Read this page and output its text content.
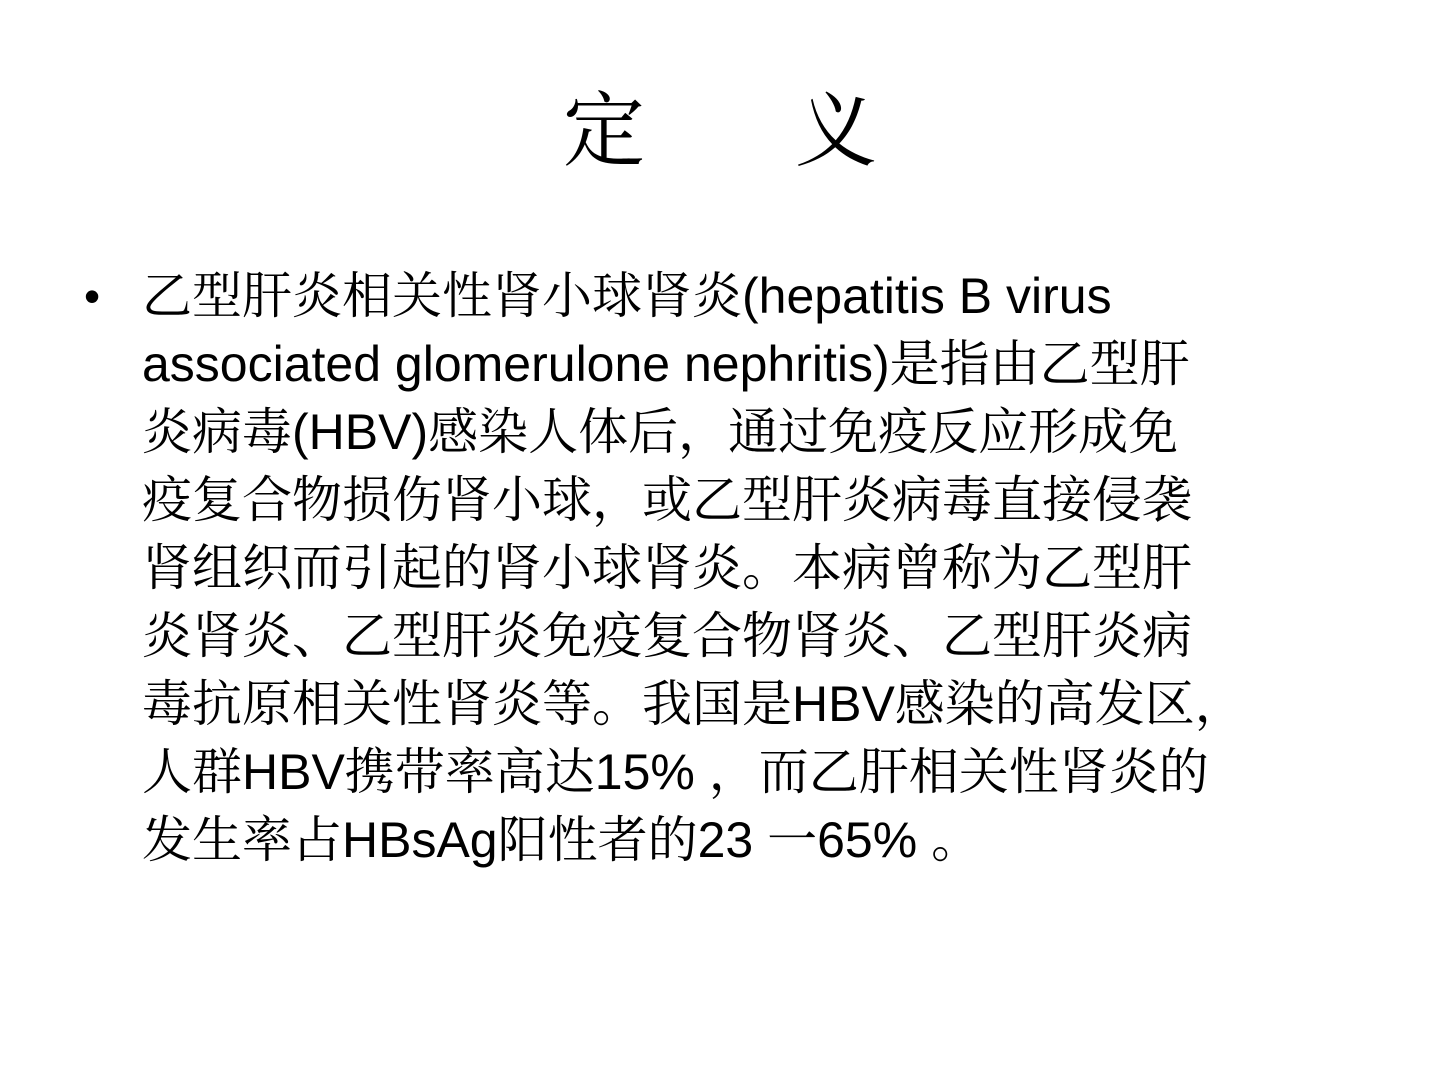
定 义
• 乙型肝炎相关性肾小球肾炎(hepatitis B virus
associated glomerulone nephritis)是指由乙型肝
炎病毒(HBV)感染人体后，通过免疫反应形成免
疫复合物损伤肾小球，或乙型肝炎病毒直接侵袭
肾组织而引起的肾小球肾炎。本病曾称为乙型肝
炎肾炎、乙型肝炎免疫复合物肾炎、乙型肝炎病
毒抗原相关性肾炎等。我国是HBV感染的高发区，
人群HBV携带率高达15% ，而乙肝相关性肾炎的
发生率占HBsAg阳性者的23 一65% 。
